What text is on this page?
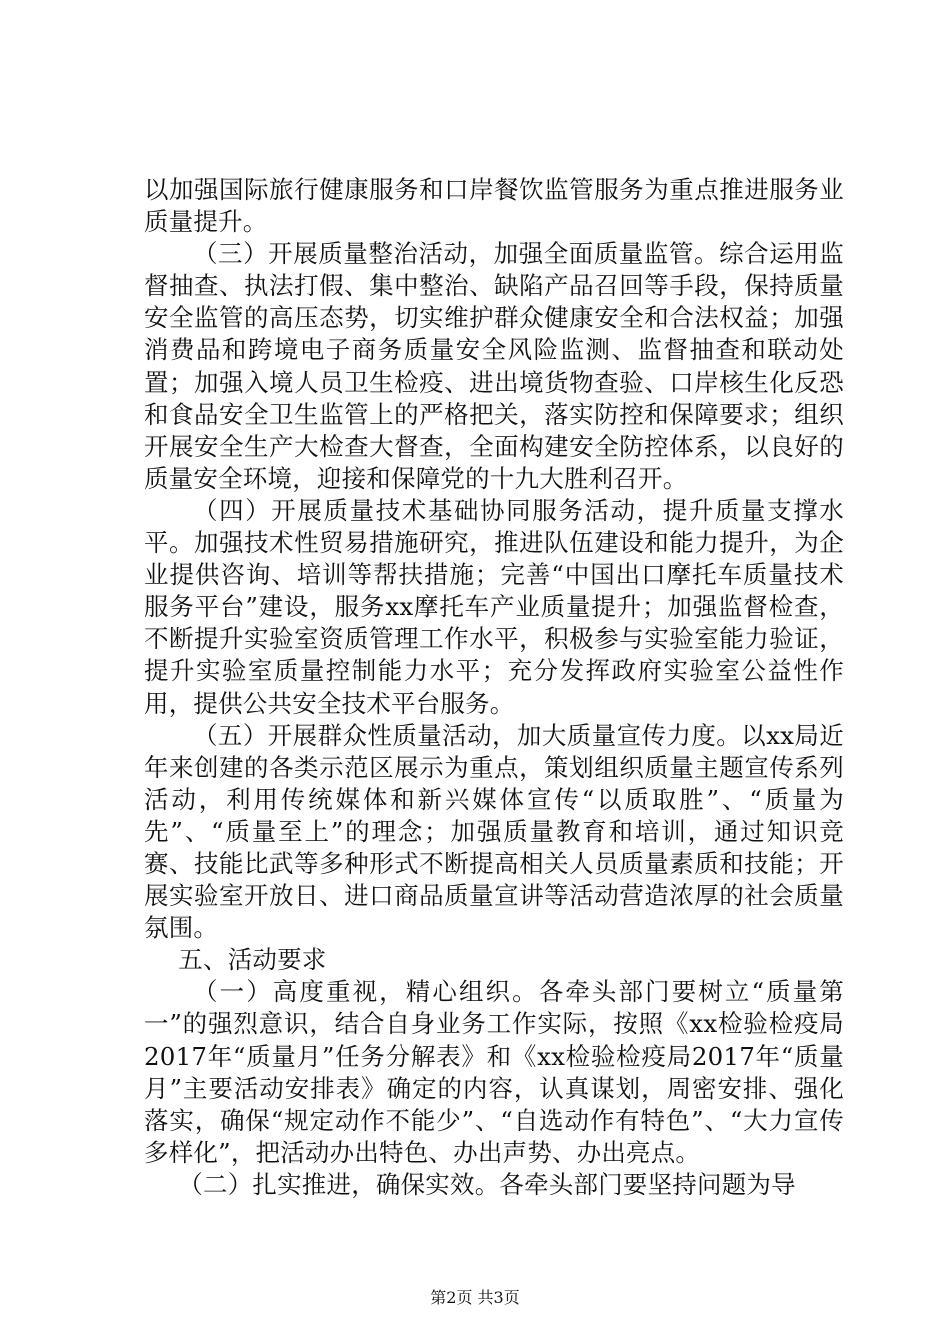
以加强国际旅行健康服务和口岸餐饮监管服务为重点推进服务业质量提升。

（三）开展质量整治活动，加强全面质量监管。综合运用监督抽查、执法打假、集中整治、缺陷产品召回等手段，保持质量安全监管的高压态势，切实维护群众健康安全和合法权益；加强消费品和跨境电子商务质量安全风险监测、监督抽查和联动处置；加强入境人员卫生检疫、进出境货物查验、口岸核生化反恐和食品安全卫生监管上的严格把关，落实防控和保障要求；组织开展安全生产大检查大督查，全面构建安全防控体系，以良好的质量安全环境，迎接和保障党的十九大胜利召开。

（四）开展质量技术基础协同服务活动，提升质量支撑水平。加强技术性贸易措施研究，推进队伍建设和能力提升，为企业提供咨询、培训等帮扶措施；完善“中国出口摩托车质量技术服务平台”建设，服务xx摩托车产业质量提升；加强监督检查，不断提升实验室资质管理工作水平，积极参与实验室能力验证，提升实验室质量控制能力水平；充分发挥政府实验室公益性作用，提供公共安全技术平台服务。

（五）开展群众性质量活动，加大质量宣传力度。以xx局近年来创建的各类示范区展示为重点，策划组织质量主题宣传系列活动，利用传统媒体和新兴媒体宣传“以质取胜”、“质量为先”、“质量至上”的理念；加强质量教育和培训，通过知识竞赛、技能比武等多种形式不断提高相关人员质量素质和技能；开展实验室开放日、进口商品质量宣讲等活动营造浓厚的社会质量氛围。

五、活动要求

（一）高度重视，精心组织。各牵头部门要树立“质量第一”的强烈意识，结合自身业务工作实际，按照《xx检验检疫局2017年“质量月”任务分解表》和《xx检验检疫局2017年“质量月”主要活动安排表》确定的内容，认真谋划，周密安排、强化落实，确保“规定动作不能少”、“自选动作有特色”、“大力宣传多样化”，把活动办出特色、办出声势、办出亮点。

（二）扎实推进，确保实效。各牵头部门要坚持问题为导

第2页 共3页
